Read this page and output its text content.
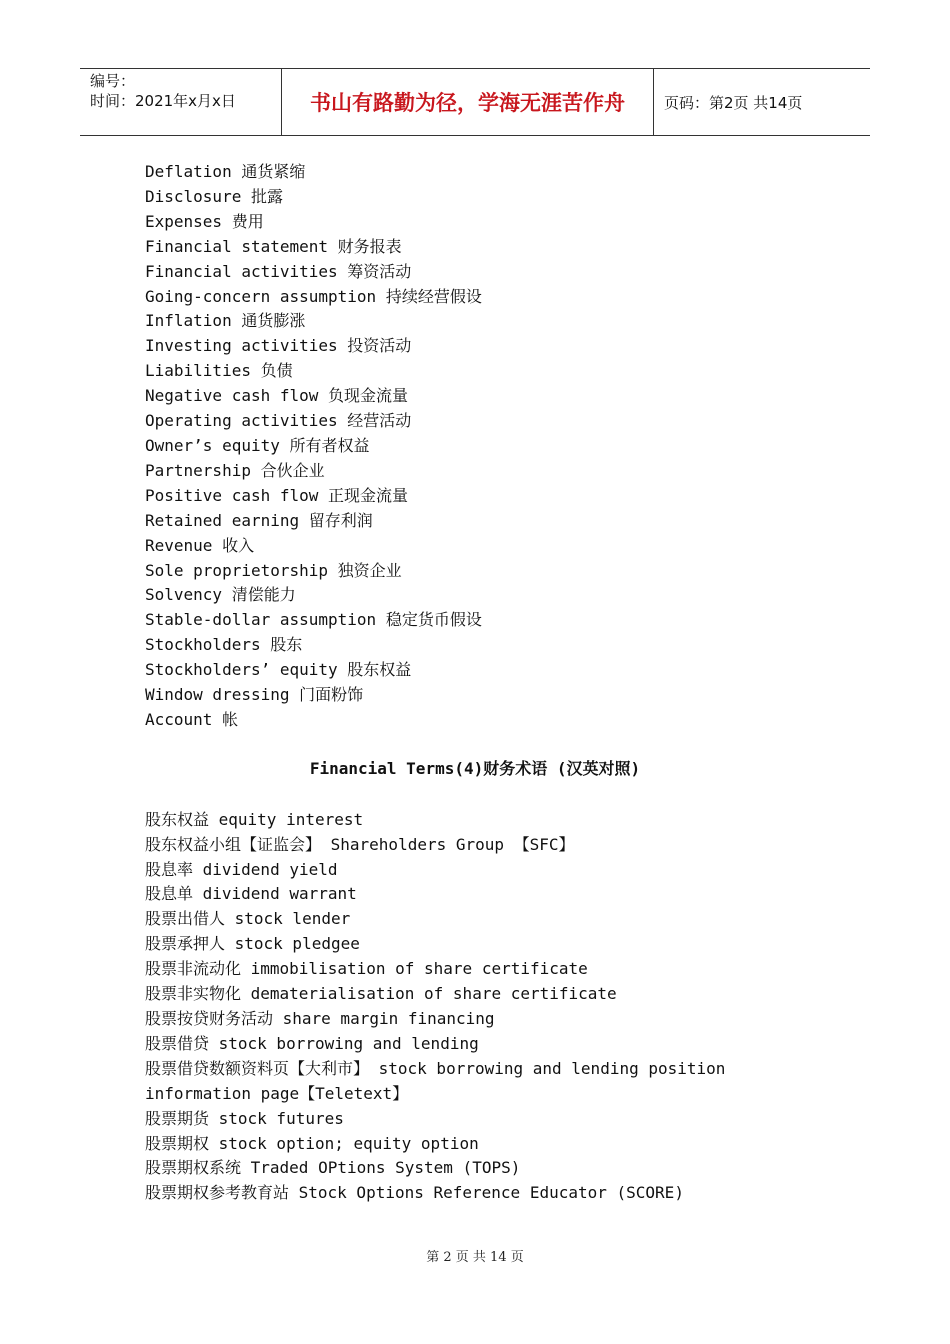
编号：
时间：2021年x月x日	书山有路勤为径，学海无涯苦作舟	页码：第2页 共14页
Deflation 通货紧缩
Disclosure 批露
Expenses 费用
Financial statement 财务报表
Financial activities 筹资活动
Going-concern assumption 持续经营假设
Inflation 通货膨涨
Investing activities 投资活动
Liabilities 负债
Negative cash flow 负现金流量
Operating activities 经营活动
Owner’s equity 所有者权益
Partnership 合伙企业
Positive cash flow 正现金流量
Retained earning 留存利润
Revenue 收入
Sole proprietorship 独资企业
Solvency 清偿能力
Stable-dollar assumption 稳定货币假设
Stockholders 股东
Stockholders’ equity 股东权益
Window dressing 门面粉饰
Account 帐
Financial Terms(4)财务术语 (汉英对照)
股东权益 equity interest
股东权益小组【证监会】 Shareholders Group 【SFC】
股息率 dividend yield
股息单 dividend warrant
股票出借人 stock lender
股票承押人 stock pledgee
股票非流动化 immobilisation of share certificate
股票非实物化 dematerialisation of share certificate
股票按贷财务活动 share margin financing
股票借贷 stock borrowing and lending
股票借贷数额资料页【大利市】 stock borrowing and lending position information page【Teletext】
股票期货 stock futures
股票期权 stock option; equity option
股票期权系统 Traded OPtions System (TOPS)
股票期权参考教育站 Stock Options Reference Educator (SCORE)
第 2 页 共 14 页
